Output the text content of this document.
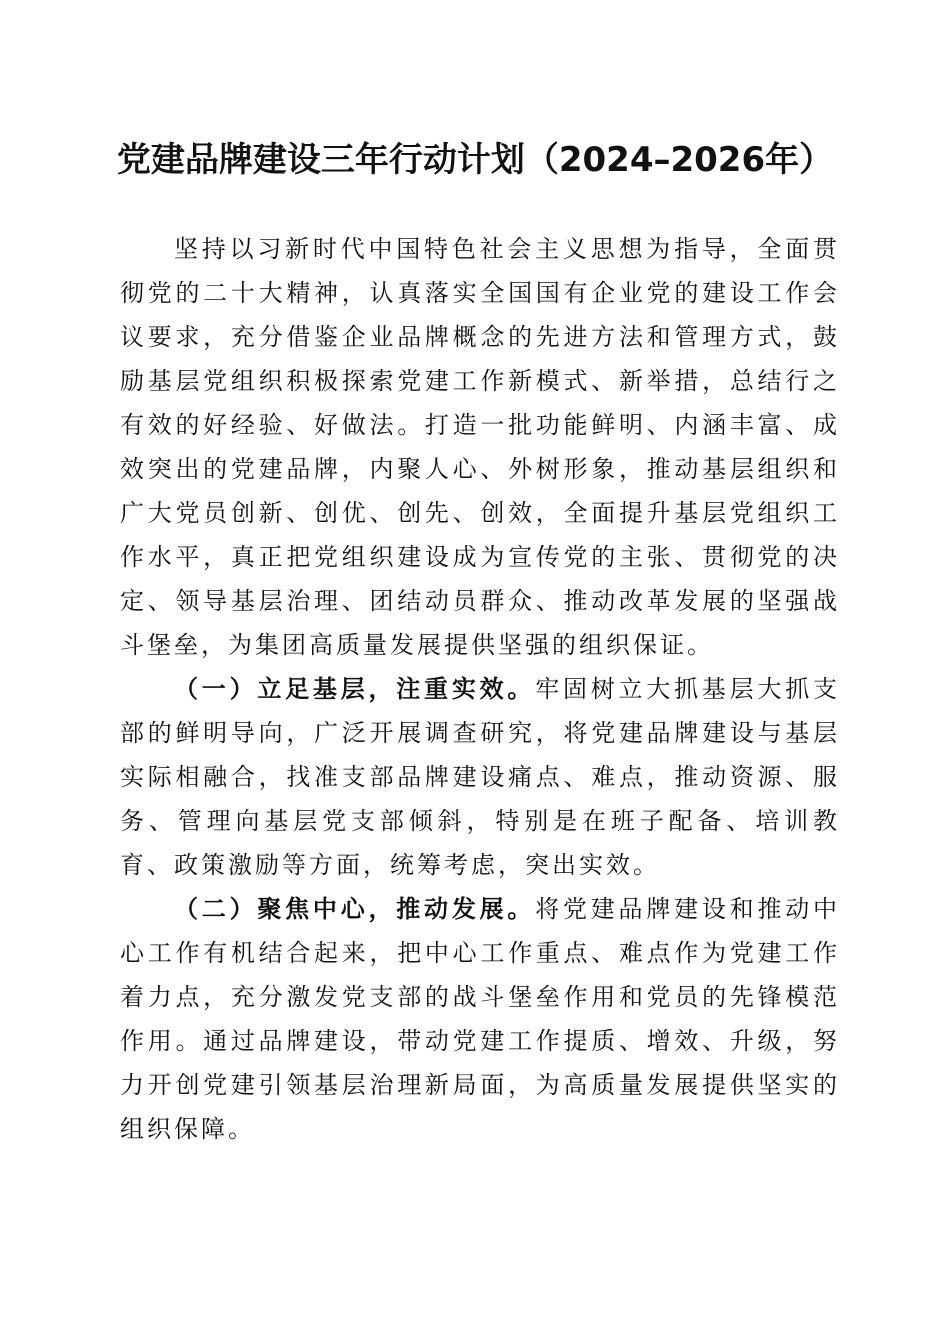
党建品牌建设三年行动计划（2024–2026年）

坚持以习新时代中国特色社会主义思想为指导，全面贯彻党的二十大精神，认真落实全国国有企业党的建设工作会议要求，充分借鉴企业品牌概念的先进方法和管理方式，鼓励基层党组织积极探索党建工作新模式、新举措，总结行之有效的好经验、好做法。打造一批功能鲜明、内涵丰富、成效突出的党建品牌，内聚人心、外树形象，推动基层组织和广大党员创新、创优、创先、创效，全面提升基层党组织工作水平，真正把党组织建设成为宣传党的主张、贯彻党的决定、领导基层治理、团结动员群众、推动改革发展的坚强战斗堡垒，为集团高质量发展提供坚强的组织保证。

（一）立足基层，注重实效。牢固树立大抓基层大抓支部的鲜明导向，广泛开展调查研究，将党建品牌建设与基层实际相融合，找准支部品牌建设痛点、难点，推动资源、服务、管理向基层党支部倾斜，特别是在班子配备、培训教育、政策激励等方面，统筹考虑，突出实效。

（二）聚焦中心，推动发展。将党建品牌建设和推动中心工作有机结合起来，把中心工作重点、难点作为党建工作着力点，充分激发党支部的战斗堡垒作用和党员的先锋模范作用。通过品牌建设，带动党建工作提质、增效、升级，努力开创党建引领基层治理新局面，为高质量发展提供坚实的组织保障。
